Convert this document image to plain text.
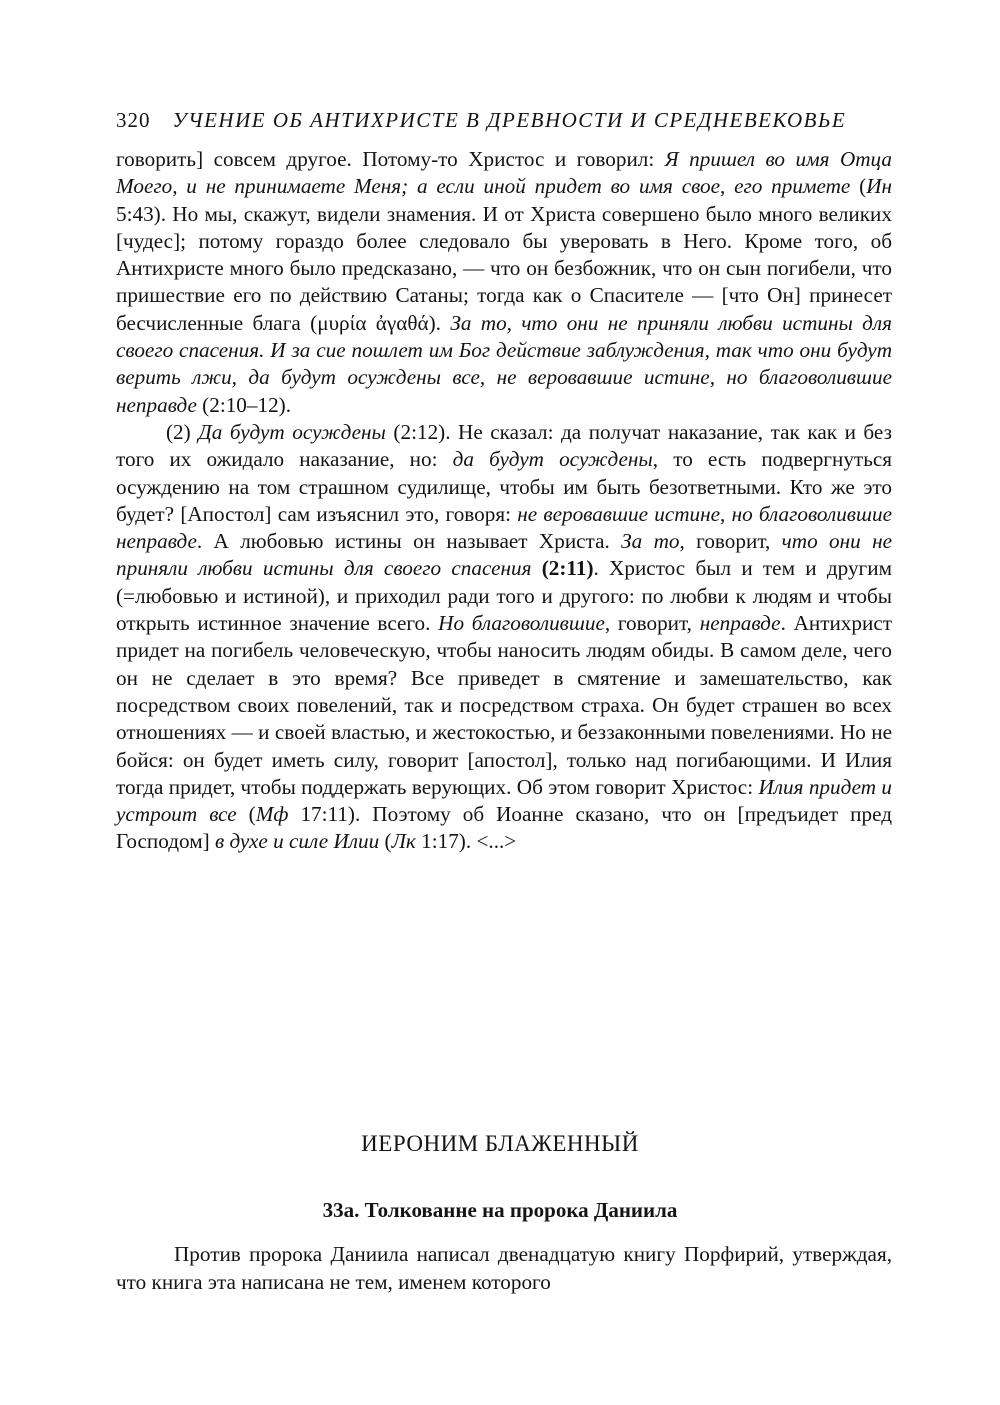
320 УЧЕНИЕ ОБ АНТИХРИСТЕ В ДРЕВНОСТИ И СРЕДНЕВЕКОВЬЕ

говорить] совсем другое. Потому-то Христос и говорил: Я пришел во имя Отца Моего, и не принимаете Меня; а если иной придет во имя свое, его примете (Ин 5:43). Но мы, скажут, видели знамения. И от Христа совершено было много великих [чудес]; потому гораздо более следовало бы уверовать в Него. Кроме того, об Антихристе много было предсказано, — что он безбожник, что он сын погибели, что пришествие его по действию Сатаны; тогда как о Спасителе — [что Он] принесет бесчисленные блага (μυρία ἀγαθά). За то, что они не приняли любви истины для своего спасения. И за сие пошлет им Бог действие заблуждения, так что они будут верить лжи, да будут осуждены все, не веровавшие истине, но благоволившие неправде (2:10–12).

(2) Да будут осуждены (2:12). Не сказал: да получат наказание, так как и без того их ожидало наказание, но: да будут осуждены, то есть подвергнуться осуждению на том страшном судилище, чтобы им быть безответными. Кто же это будет? [Апостол] сам изъяснил это, говоря: не веровавшие истине, но благоволившие неправде. А любовью истины он называет Христа. За то, говорит, что они не приняли любви истины для своего спасения (2:11). Христос был и тем и другим (=любовью и истиной), и приходил ради того и другого: по любви к людям и чтобы открыть истинное значение всего. Но благоволившие, говорит, неправде. Антихрист придет на погибель человеческую, чтобы наносить людям обиды. В самом деле, чего он не сделает в это время? Все приведет в смятение и замешательство, как посредством своих повелений, так и посредством страха. Он будет страшен во всех отношениях — и своей властью, и жестокостью, и беззаконными повелениями. Но не бойся: он будет иметь силу, говорит [апостол], только над погибающими. И Илия тогда придет, чтобы поддержать верующих. Об этом говорит Христос: Илия придет и устроит все (Мф 17:11). Поэтому об Иоанне сказано, что он [предъидет пред Господом] в духе и силе Илии (Лк 1:17). <...>

ИЕРОНИМ БЛАЖЕННЫЙ
33а. Толкованне на пророка Даниила

Против пророка Даниила написал двенадцатую книгу Порфирий, утверждая, что книга эта написана не тем, именем которого
